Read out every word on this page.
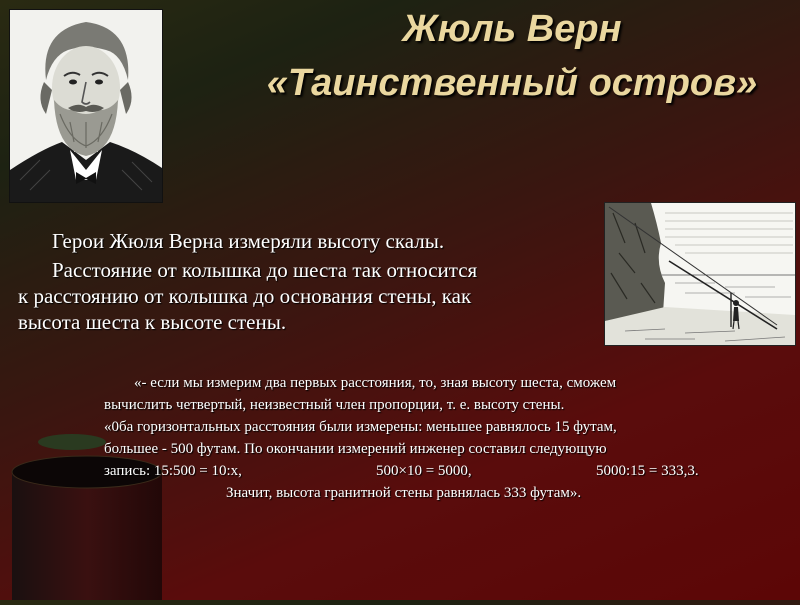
Жюль Верн
«Таинственный остров»

Герои Жюля Верна измеряли высоту скалы.

Расстояние от колышка до шеста так относится

к расстоянию от колышка до основания стены, как

высота шеста к высоте стены.

«- если мы измерим два первых расстояния, то, зная высоту шеста, сможем

вычислить четвертый, неизвестный член пропорции, т. е. высоту стены.

«0ба горизонтальных расстояния были измерены: меньшее равнялось 15 футам,

большее - 500 футам. По окончании измерений инженер составил следующую

запись: 15:500 = 10:х,	500×10 = 5000,	5000:15 = 333,3.

Значит, высота гранитной стены равнялась 333 футам».
